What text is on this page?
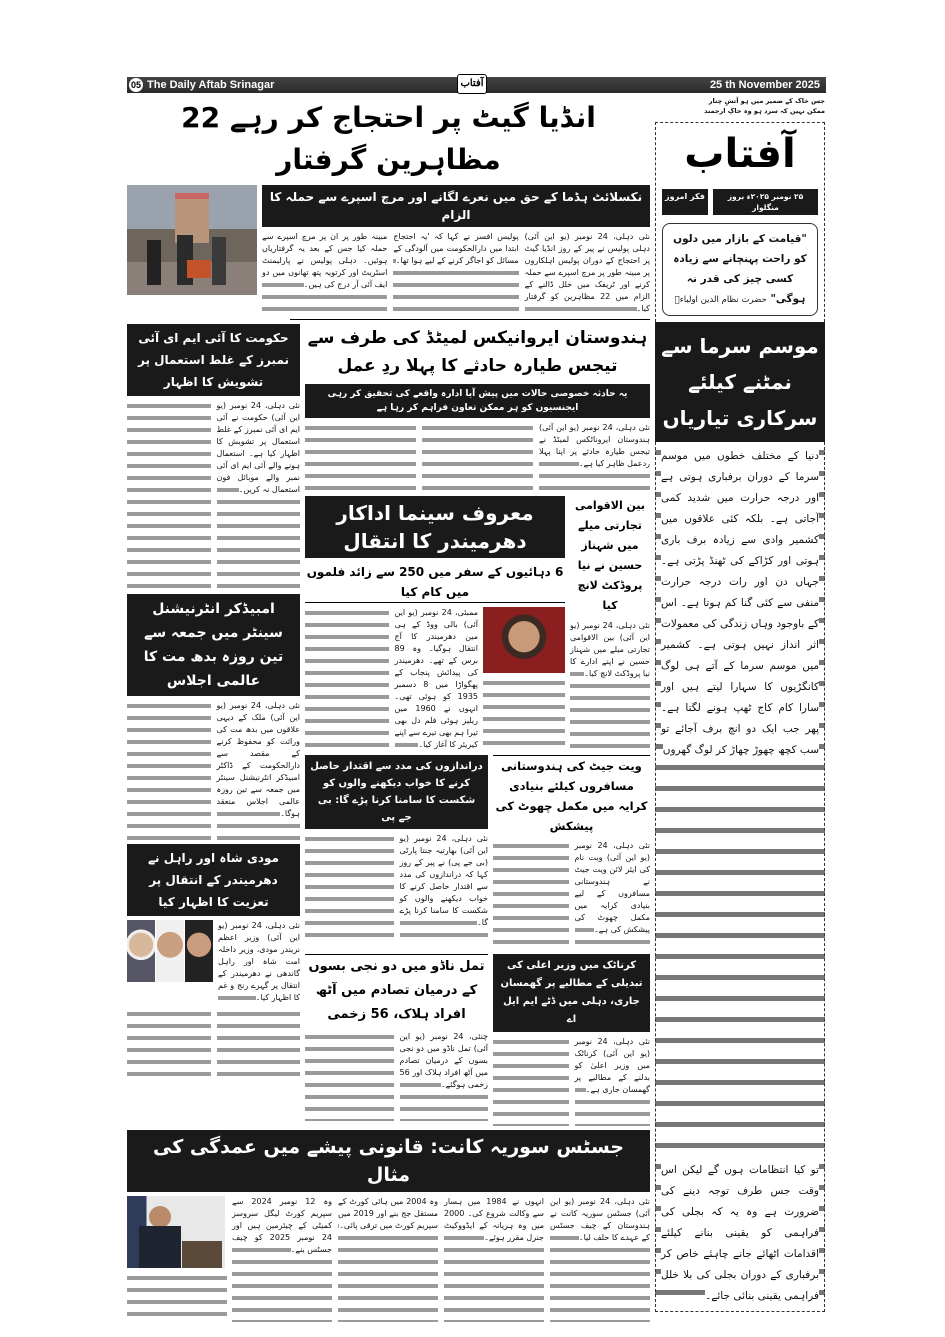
05 The Daily Aftab Srinagar	آفتاب	25 th November 2025
انڈیا گیٹ پر احتجاج کر رہے 22 مظاہرین گرفتار
نکسلائٹ ہڈما کے حق میں نعرے لگانے اور مرچ اسپرے سے حملہ کا الزام
نئی دہلی، 24 نومبر (یو این آئی) دہلی پولیس نے پیر کے روز انڈیا گیٹ پر احتجاج کے دوران پولیس اہلکاروں پر مبینہ طور پر مرچ اسپرے سے حملہ کرنے اور ٹریفک میں خلل ڈالنے کے الزام میں 22 مظاہرین کو گرفتار کیا۔
پولیس افسر نے کہا کہ 'یہ احتجاج ابتدا میں دارالحکومت میں آلودگی کے مسائل کو اجاگر کرنے کے لیے ہوا تھا۔
مبینہ طور پر ان پر مرچ اسپرے سے حملہ کیا جس کے بعد یہ گرفتاریاں ہوئیں۔ دہلی پولیس نے پارلیمنٹ اسٹریٹ اور کرتویہ پتھ تھانوں میں دو ایف آئی آر درج کی ہیں۔
حکومت کا آئی ایم ای آئی نمبرز کے غلط استعمال پر تشویش کا اظہار
نئی دہلی، 24 نومبر (یو این آئی) حکومت نے آئی ایم ای آئی نمبرز کے غلط استعمال پر تشویش کا اظہار کیا ہے۔ استعمال ہونے والے آئی ایم ای آئی نمبر والے موبائل فون استعمال نہ کریں۔
امبیڈکر انٹرنیشنل سینٹر میں جمعہ سے تین روزہ بدھ مت کا عالمی اجلاس
نئی دہلی، 24 نومبر (یو این آئی) ملک کے دیہی علاقوں میں بدھ مت کی وراثت کو محفوظ کرنے کے مقصد سے دارالحکومت کے ڈاکٹر امبیڈکر انٹرنیشنل سینٹر میں جمعہ سے تین روزہ عالمی اجلاس منعقد ہوگا۔
مودی شاہ اور راہل نے دھرمیندر کے انتقال پر تعزیت کا اظہار کیا
نئی دہلی، 24 نومبر (یو این آئی) وزیر اعظم نریندر مودی، وزیر داخلہ امت شاہ اور راہل گاندھی نے دھرمیندر کے انتقال پر گہرے رنج و غم کا اظہار کیا۔
ہندوستان ایروانیکس لمیٹڈ کی طرف سے تیجس طیارہ حادثے کا پہلا ردِ عمل
یہ حادثہ خصوصی حالات میں پیش آیا ادارہ واقعے کی تحقیق کر رہی ایجنسیوں کو ہر ممکن تعاون فراہم کر رہا ہے
نئی دہلی، 24 نومبر (یو این آئی) ہندوستان ایروناٹکس لمیٹڈ نے تیجس طیارہ حادثے پر اپنا پہلا ردعمل ظاہر کیا ہے۔
معروف سینما اداکار دھرمیندر کا انتقال
6 دہائیوں کے سفر میں 250 سے زائد فلموں میں کام کیا
ممبئی، 24 نومبر (یو این آئی) بالی ووڈ کے ہی مین دھرمیندر کا آج انتقال ہوگیا۔ وہ 89 برس کے تھے۔ دھرمیندر کی پیدائش پنجاب کے پھگواڑا میں 8 دسمبر 1935 کو ہوئی تھی۔ انہوں نے 1960 میں ریلیز ہوئی فلم دل بھی تیرا ہم بھی تیرے سے اپنے کیریئر کا آغاز کیا۔
بین الاقوامی تجارتی میلے میں شہناز حسین نے نیا پروڈکٹ لانچ کیا
نئی دہلی، 24 نومبر (یو این آئی) بین الاقوامی تجارتی میلے میں شہناز حسین نے اپنے ادارے کا نیا پروڈکٹ لانچ کیا۔
دراندازوں کی مدد سے اقتدار حاصل کرنے کا خواب دیکھنے والوں کو شکست کا سامنا کرنا پڑے گا: بی جے پی
نئی دہلی، 24 نومبر (یو این آئی) بھارتیہ جنتا پارٹی (بی جے پی) نے پیر کے روز کہا کہ دراندازوں کی مدد سے اقتدار حاصل کرنے کا خواب دیکھنے والوں کو شکست کا سامنا کرنا پڑے گا۔
ویت جیٹ کی ہندوستانی مسافروں کیلئے بنیادی کرایہ میں مکمل چھوٹ کی پیشکش
نئی دہلی، 24 نومبر (یو این آئی) ویت نام کی ایئر لائن ویت جیٹ نے ہندوستانی مسافروں کے لیے بنیادی کرایہ میں مکمل چھوٹ کی پیشکش کی ہے۔
تمل ناڈو میں دو نجی بسوں کے درمیان تصادم میں آٹھ افراد ہلاک، 56 زخمی
چنئی، 24 نومبر (یو این آئی) تمل ناڈو میں دو نجی بسوں کے درمیان تصادم میں آٹھ افراد ہلاک اور 56 زخمی ہوگئے۔
کرناٹک میں وزیر اعلی کی تبدیلی کے مطالبے پر گھمسان جاری، دہلی میں ڈٹے ایم ایل اے
نئی دہلی، 24 نومبر (یو این آئی) کرناٹک میں وزیر اعلیٰ کو بدلنے کے مطالبے پر گھمسان جاری ہے۔
جسٹس سوریہ کانت: قانونی پیشے میں عمدگی کی مثال
نئی دہلی، 24 نومبر (یو این آئی) جسٹس سوریہ کانت نے ہندوستان کے چیف جسٹس کے عہدے کا حلف لیا۔
انہوں نے 1984 میں ہسار سے وکالت شروع کی۔ 2000 میں وہ ہریانہ کے ایڈووکیٹ جنرل مقرر ہوئے۔
وہ 2004 میں ہائی کورٹ کے مستقل جج بنے اور 2019 میں سپریم کورٹ میں ترقی پائی۔
وہ 12 نومبر 2024 سے سپریم کورٹ لیگل سروسز کمیٹی کے چیئرمین ہیں اور 24 نومبر 2025 کو چیف جسٹس بنے۔
جس خاک کے ضمیر میں ہو آتشِ چنار
ممکن نہیں کہ سرد ہو وہ خاکِ ارجمند
آفتاب
۲۵ نومبر ۲۰۲۵ء بروز منگلوار
فکر امروز
"قیامت کے بازار میں دلوں کو راحت پہنچانے سے زیادہ کسی چیز کی قدر نہ ہوگی" حضرت نظام الدین اولیاءؒ
موسم سرما سے نمٹنے کیلئے سرکاری تیاریاں
دنیا کے مختلف خطوں میں موسم سرما کے دوران برفباری ہوتی ہے اور درجہ حرارت میں شدید کمی آجاتی ہے۔ بلکہ کئی علاقوں میں کشمیر وادی سے زیادہ برف باری ہوتی اور کڑاکے کی ٹھنڈ پڑتی ہے۔ جہاں دن اور رات درجہ حرارت منفی سے کئی گنا کم ہوتا ہے۔ اس کے باوجود وہاں زندگی کی معمولات اثر انداز نہیں ہوتی ہے۔ کشمیر میں موسم سرما کے آتے ہی لوگ کانگڑیوں کا سہارا لیتے ہیں اور سارا کام کاج ٹھپ ہونے لگتا ہے۔ پھر جب ایک دو انچ برف آجائے تو سب کچھ چھوڑ چھاڑ کر لوگ گھروں
تو کیا انتظامات ہوں گے لیکن اس وقت جس طرف توجہ دینے کی ضرورت ہے وہ یہ کہ بجلی کی فراہمی کو یقینی بنانے کیلئے اقدامات اٹھائے جانے چاہئے خاص کر برفباری کے دوران بجلی کی بلا خلل فراہمی یقینی بنائی جائے۔
